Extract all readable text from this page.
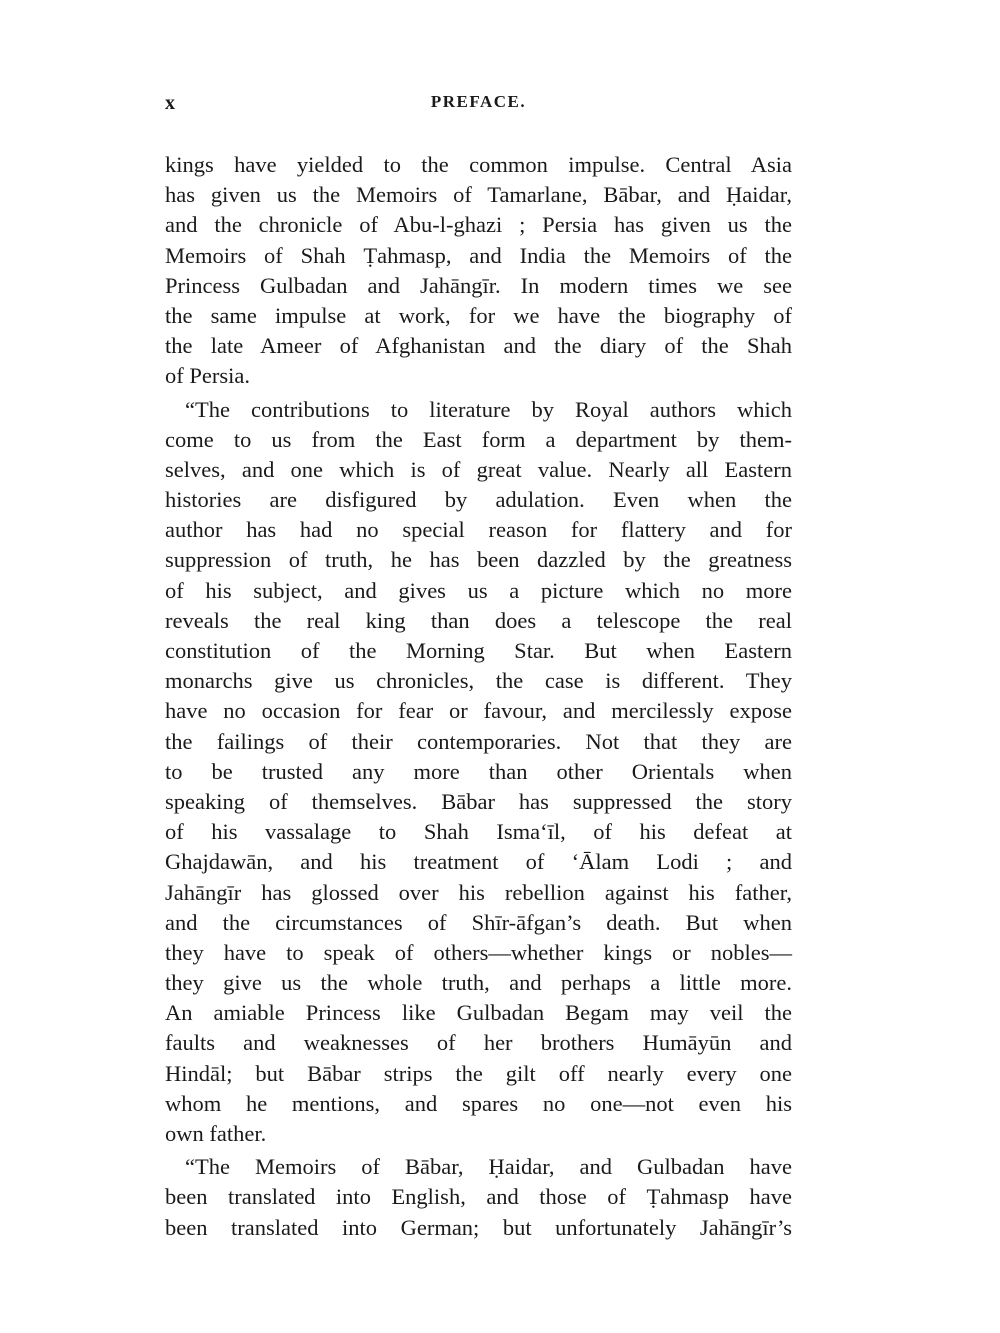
x	PREFACE.
kings have yielded to the common impulse. Central Asia
has given us the Memoirs of Tamarlane, Bābar, and Ḥaidar,
and the chronicle of Abu-l-ghazi ; Persia has given us the
Memoirs of Shah Ṭahmasp, and India the Memoirs of the
Princess Gulbadan and Jahāngīr. In modern times we see
the same impulse at work, for we have the biography of
the late Ameer of Afghanistan and the diary of the Shah
of Persia.
“The contributions to literature by Royal authors which
come to us from the East form a department by them-
selves, and one which is of great value. Nearly all Eastern
histories are disfigured by adulation. Even when the
author has had no special reason for flattery and for
suppression of truth, he has been dazzled by the greatness
of his subject, and gives us a picture which no more
reveals the real king than does a telescope the real
constitution of the Morning Star. But when Eastern
monarchs give us chronicles, the case is different. They
have no occasion for fear or favour, and mercilessly expose
the failings of their contemporaries. Not that they are
to be trusted any more than other Orientals when
speaking of themselves. Bābar has suppressed the story
of his vassalage to Shah Isma‘īl, of his defeat at
Ghajdawān, and his treatment of ‘Ālam Lodi ; and
Jahāngīr has glossed over his rebellion against his father,
and the circumstances of Shīr-āfgan’s death. But when
they have to speak of others—whether kings or nobles—
they give us the whole truth, and perhaps a little more.
An amiable Princess like Gulbadan Begam may veil the
faults and weaknesses of her brothers Humāyūn and
Hindāl; but Bābar strips the gilt off nearly every one
whom he mentions, and spares no one—not even his
own father.
“The Memoirs of Bābar, Ḥaidar, and Gulbadan have
been translated into English, and those of Ṭahmasp have
been translated into German; but unfortunately Jahāngīr’s
